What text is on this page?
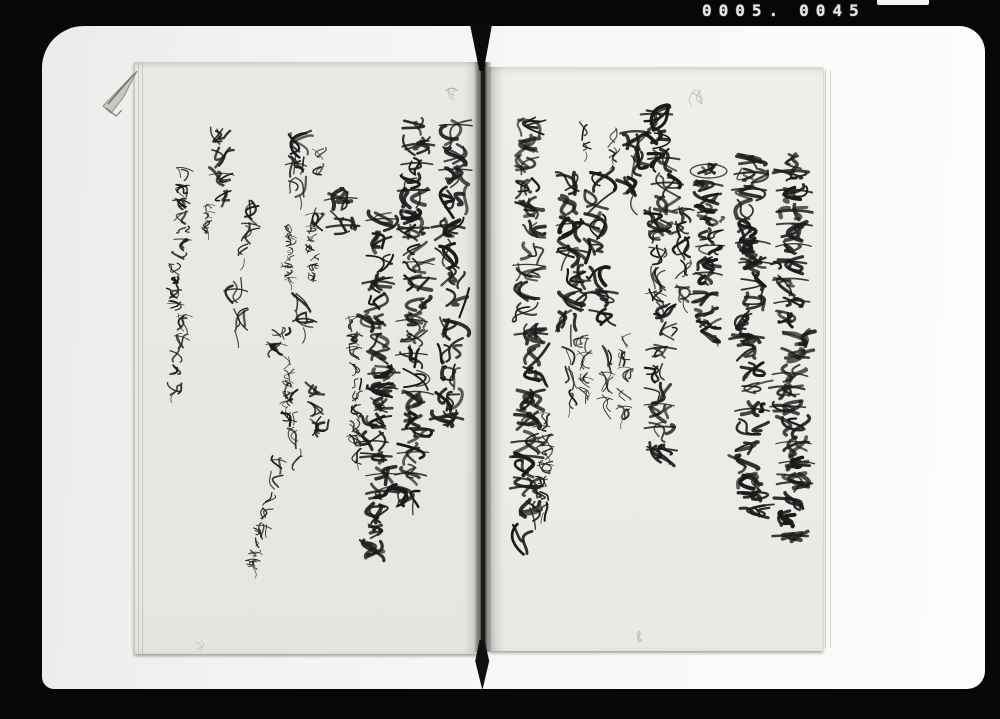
0005. 0045
